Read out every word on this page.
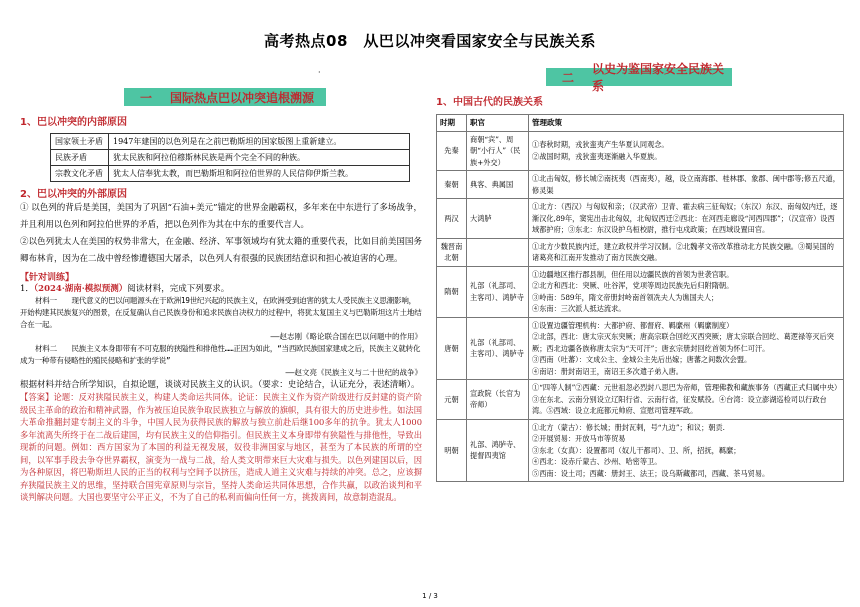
高考热点08　从巴以冲突看国家安全与民族关系
·
一 国际热点巴以冲突追根溯源
1、巴以冲突的内部原因
国家领土矛盾	1947年建国的以色列是在之前巴勒斯坦的国家版图上重新建立。
民族矛盾	犹太民族和阿拉伯穆斯林民族是两个完全不同的种族。
宗教文化矛盾	犹太人信奉犹太教，而巴勒斯坦和阿拉伯世界的人民信仰伊斯兰教。
2、巴以冲突的外部原因

① 以色列的背后是美国，美国为了巩固“石油+美元”锚定的世界金融霸权，多年来在中东进行了多场战争，并且利用以色列和阿拉伯世界的矛盾，把以色列作为其在中东的重要代言人。

②以色列犹太人在美国的权势非常大，在金融、经济、军事领域均有犹太籍的重要代表，比如目前美国国务卿布林肯，因为在二战中曾经惨遭德国大屠杀，以色列人有很强的民族团结意识和担心被迫害的心理。

【针对训练】

1．（2024·湖南·模拟预测）阅读材料，完成下列要求。

材料一　　现代意义的巴以问题源头在于欧洲19世纪兴起的民族主义，在欧洲受到迫害的犹太人受民族主义思潮影响，开始构建其民族复兴的图景，在反复确认自己民族身份和追求民族自决权力的过程中，将犹太复国主义与巴勒斯坦这片土地结合在一起。

——赵志刚《略论联合国在巴以问题中的作用》

材料二　　民族主义本身即带有不可克服的狭隘性和排他性……正因为如此，“当西欧民族国家建成之后，民族主义就转化成为一种带有侵略性的殖民侵略和扩张的学说”

——赵文亮《民族主义与二十世纪的战争》

根据材料并结合所学知识，自拟论题，谈谈对民族主义的认识。（要求：史论结合，认证充分，表述清晰）。

【答案】论题：反对狭隘民族主义，构建人类命运共同体。论证：民族主义作为资产阶级进行反封建的资产阶级民主革命的政治和精神武器，作为被压迫民族争取民族独立与解放的旗帜，具有很大的历史进步性。如法国大革命推翻封建专制主义的斗争，中国人民为获得民族的解放与独立前赴后继100多年的抗争。犹太人1000多年流离失所终于在二战后建国，均有民族主义的信仰指引。但民族主义本身即带有狭隘性与排他性，导致出现新的问题。例如：西方国家为了本国的利益无视发展，奴役非洲国家与地区，甚至为了本民族的所谓的空间，以军事手段去争夺世界霸权，演变为一战与二战，给人类文明带来巨大灾难与损失。以色列建国以后，因为各种原因，将巴勒斯坦人民的正当的权利与空间予以挤压，造成人道主义灾难与持续的冲突。总之，应该摒弃狭隘民族主义的思维，坚持联合国宪章原则与宗旨，坚持人类命运共同体思想，合作共赢，以政治谈判和平谈判解决问题。大国也要坚守公平正义，不为了自己的私利而偏向任何一方，挑拨离间，故意制造混乱。

二
以史为鉴国家安全民族关系
1、中国古代的民族关系
时期	职官	管理政策
先秦	商朝“宾”、周朝“小行人”（民族+外交）	①春秋时期，戎狄蛮夷产生华夏认同观念。
②战国时期，戎狄蛮夷逐渐融入华夏族。

秦朝	典客、典属国	①北击匈奴，修长城②南抚夷（西南夷），越，设立南海郡、桂林郡、象郡、闽中郡等;修五尺道，修灵渠

两汉	大鸿胪	①北方：（西汉）与匈奴和亲；（汉武帝）卫青、霍去病三征匈奴；（东汉）东汉、南匈奴内迁，逐渐汉化,89年，窦宪出击北匈奴，北匈奴西迁②西北：在河西走廊设“河西四郡”；（汉宣帝）设西域都护府；③东北：东汉设护乌桓校尉，推行屯戍政策；在西域设置田官。

魏晋南北朝		①北方少数民族内迁，建立政权并学习汉制。②北魏孝文帝改革推动北方民族交融。③蜀吴国的诸葛亮和江南开发推动了南方民族交融。

隋朝	礼部（礼部司、主客司）、鸿胪寺	①边疆地区推行郡县制，但任用以边疆民族的首领为世袭官职。
②北方和西北：突厥、吐谷浑，党项等周边民族先后归附隋朝。
③岭南：589年，隋文帝册封岭南首领冼夫人为谯国夫人；
④东南：三次派人抵达流求。

唐朝	礼部（礼部司、主客司）、鸿胪寺	①设置边疆管理机构：大都护府、都督府、羁縻州（羁縻制度）
②北部，西北：唐太宗灭东突厥；唐高宗联合回纥灭西突厥；唐太宗联合回纥、葛逻禄等灭后突厥；西北边疆各族称唐太宗为“天可汗”；唐玄宗册封回纥首领为怀仁可汗。
③西南（吐蕃）：文成公主、金城公主先后出嫁；唐蕃之间数次会盟。
④南诏：册封南诏王，南诏王多次遣子弟入唐。

元朝	宣政院（长官为帝师）	①“四等人制”②西藏：元世祖忽必烈封八思巴为帝师，管理佛教和藏族事务（西藏正式归属中央）③在东北、云南分别设立辽阳行省、云南行省，征发赋役。④台湾：设立澎湖巡检司以行政台湾。⑤西域：设立北庭都元帅府、宣慰司管理军政。

明朝	礼部、鸿胪寺、提督四夷馆	①北方（蒙古）：修长城；册封瓦剌，号“九边”；和议；朝贡.
②开展贸易：开放马市等贸易
③东北（女真）：设置都司（奴儿干都司）、卫、所，招抚，羁縻；
④西北：设赤斤蒙古、沙州、哈密等卫。
⑤西南：设土司；西藏：册封王、法王；设乌斯藏都司，西藏、茶马贸易。
1 / 3
